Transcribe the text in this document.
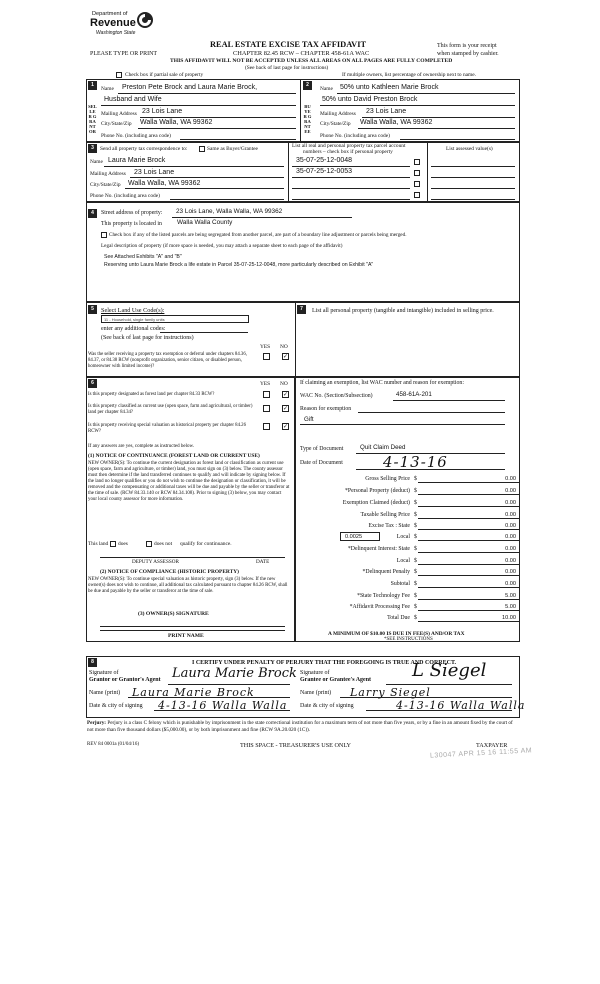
Department of
Revenue
Washington State
PLEASE TYPE OR PRINT
REAL ESTATE EXCISE TAX AFFIDAVIT
CHAPTER 82.45 RCW – CHAPTER 458-61A WAC
This form is your receipt
when stamped by cashier.
THIS AFFIDAVIT WILL NOT BE ACCEPTED UNLESS ALL AREAS ON ALL PAGES ARE FULLY COMPLETED
(See back of last page for instructions)
Check box if partial sale of property	If multiple owners, list percentage of ownership next to name.
1
SELLER GRANTOR
Name Preston Pete Brock and Laura Marie Brock,
Husband and Wife
Mailing Address 23 Lois Lane
City/State/Zip Walla Walla, WA 99362
Phone No. (including area code)
2
BUYER GRANTEE
Name 50% unto Kathleen Marie Brock
50% unto David Preston Brock
Mailing Address 23 Lois Lane
City/State/Zip Walla Walla, WA 99362
Phone No. (including area code)
3	Send all property tax correspondence to:	Same as Buyer/Grantee
Name Laura Marie Brock
Mailing Address 23 Lois Lane
City/State/Zip Walla Walla, WA 99362
Phone No. (including area code)
List all real and personal property tax parcel account
numbers – check box if personal property	List assessed value(s)
35-07-25-12-0048
35-07-25-12-0053
4	Street address of property: 23 Lois Lane, Walla Walla, WA 99362
This property is located in Walla Walla County
Check box if any of the listed parcels are being segregated from another parcel, are part of a boundary line adjustment or parcels being merged.
Legal description of property (if more space is needed, you may attach a separate sheet to each page of the affidavit)
See Attached Exhibits "A" and "B"
Reserving unto Laura Marie Brock a life estate in Parcel 35-07-25-12-0048, more particularly described on Exhibit "A"
5	Select Land Use Code(s):
11 - Household, single family units
enter any additional codes:
(See back of last page for instructions)
YES NO
Was the seller receiving a property tax exemption or deferral under chapters 84.36, 84.37, or 84.38 RCW (nonprofit organization, senior citizen, or disabled person, homeowner with limited income)?
✓
7	List all personal property (tangible and intangible) included in selling price.
6	YES NO
Is this property designated as forest land per chapter 84.33 RCW?	✓
Is this property classified as current use (open space, farm and agricultural, or timber) land per chapter 84.34?
✓
Is this property receiving special valuation as historical property per chapter 84.26 RCW?
✓
If any answers are yes, complete as instructed below.
(1) NOTICE OF CONTINUANCE (FOREST LAND OR CURRENT USE)
NEW OWNER(S): To continue the current designation as forest land or classification as current use (open space, farm and agriculture, or timber) land, you must sign on (3) below. The county assessor must then determine if the land transferred continues to qualify and will indicate by signing below. If the land no longer qualifies or you do not wish to continue the designation or classification, it will be removed and the compensating or additional taxes will be due and payable by the seller or transferor at the time of sale. (RCW 84.33.140 or RCW 84.34.108). Prior to signing (3) below, you may contact your local county assessor for more information.
This land does	does not qualify for continuance.
DEPUTY ASSESSOR	DATE
(2) NOTICE OF COMPLIANCE (HISTORIC PROPERTY)
NEW OWNER(S): To continue special valuation as historic property, sign (3) below. If the new owner(s) does not wish to continue, all additional tax calculated pursuant to chapter 84.26 RCW, shall be due and payable by the seller or transferor at the time of sale.
(3) OWNER(S) SIGNATURE
PRINT NAME
If claiming an exemption, list WAC number and reason for exemption:
WAC No. (Section/Subsection)	458-61A-201
Reason for exemption
Gift
Type of Document	Quit Claim Deed
Date of Document	4-13-16
Gross Selling Price $	0.00
*Personal Property (deduct) $	0.00
Exemption Claimed (deduct) $	0.00
Taxable Selling Price $	0.00
Excise Tax : State $	0.00
0.0025	Local $	0.00
*Delinquent Interest: State $	0.00
Local $	0.00
*Delinquent Penalty $	0.00
Subtotal $	0.00
*State Technology Fee $	5.00
*Affidavit Processing Fee $	5.00
Total Due $	10.00
A MINIMUM OF $10.00 IS DUE IN FEE(S) AND/OR TAX
*SEE INSTRUCTIONS
8	I CERTIFY UNDER PENALTY OF PERJURY THAT THE FOREGOING IS TRUE AND CORRECT.
Signature of
Grantor or Grantor's Agent Laura Marie Brock
Name (print) Laura Marie Brock
Date & city of signing 4-13-16 Walla Walla
Signature of
Grantee or Grantee's Agent L Siegel
Name (print) Larry Siegel
Date & city of signing	4-13-16 Walla Walla
Perjury: Perjury is a class C felony which is punishable by imprisonment in the state correctional institution for a maximum term of not more than five years, or by a fine in an amount fixed by the court of not more than five thousand dollars ($5,000.00), or by both imprisonment and fine (RCW 9A.20.020 (1C)).
REV 84 0001a (01/04/16)	THIS SPACE - TREASURER'S USE ONLY	TAXPAYER
L30047 APR 15 16 11:55 AM
